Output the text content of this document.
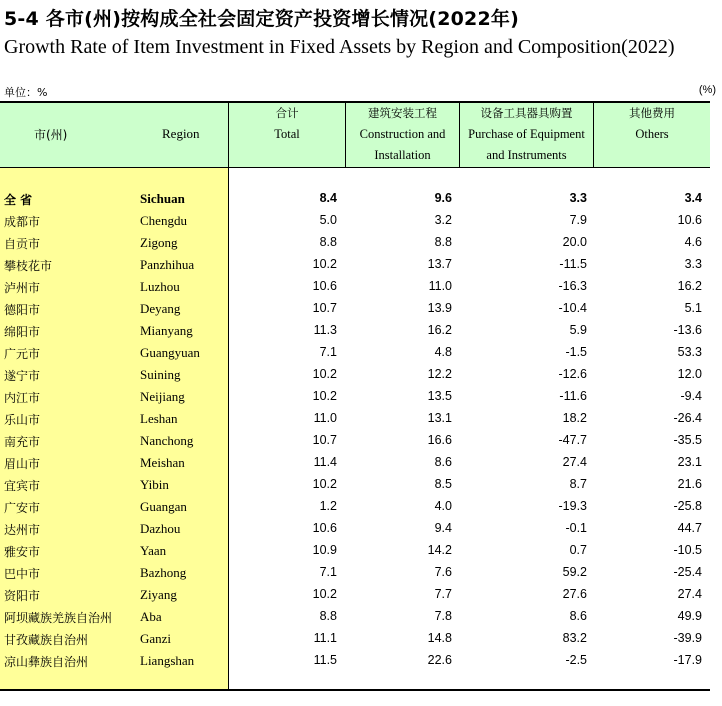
5-4 各市(州)按构成全社会固定资产投资增长情况(2022年)
Growth Rate of Item Investment in Fixed Assets by Region and Composition(2022)
单位：%	(%)
市(州)	Region
合计
Total
建筑安装工程
Construction and
Installation
设备工具器具购置
Purchase of Equipment
and Instruments
其他费用
Others
全 省	Sichuan	8.4	9.6	3.3	3.4
成都市	Chengdu	5.0	3.2	7.9	10.6
自贡市	Zigong	8.8	8.8	20.0	4.6
攀枝花市	Panzhihua	10.2	13.7	-11.5	3.3
泸州市	Luzhou	10.6	11.0	-16.3	16.2
德阳市	Deyang	10.7	13.9	-10.4	5.1
绵阳市	Mianyang	11.3	16.2	5.9	-13.6
广元市	Guangyuan	7.1	4.8	-1.5	53.3
遂宁市	Suining	10.2	12.2	-12.6	12.0
内江市	Neijiang	10.2	13.5	-11.6	-9.4
乐山市	Leshan	11.0	13.1	18.2	-26.4
南充市	Nanchong	10.7	16.6	-47.7	-35.5
眉山市	Meishan	11.4	8.6	27.4	23.1
宜宾市	Yibin	10.2	8.5	8.7	21.6
广安市	Guangan	1.2	4.0	-19.3	-25.8
达州市	Dazhou	10.6	9.4	-0.1	44.7
雅安市	Yaan	10.9	14.2	0.7	-10.5
巴中市	Bazhong	7.1	7.6	59.2	-25.4
资阳市	Ziyang	10.2	7.7	27.6	27.4
阿坝藏族羌族自治州 Aba	8.8	7.8	8.6	49.9
甘孜藏族自治州	Ganzi	11.1	14.8	83.2	-39.9
凉山彝族自治州	Liangshan	11.5	22.6	-2.5	-17.9
